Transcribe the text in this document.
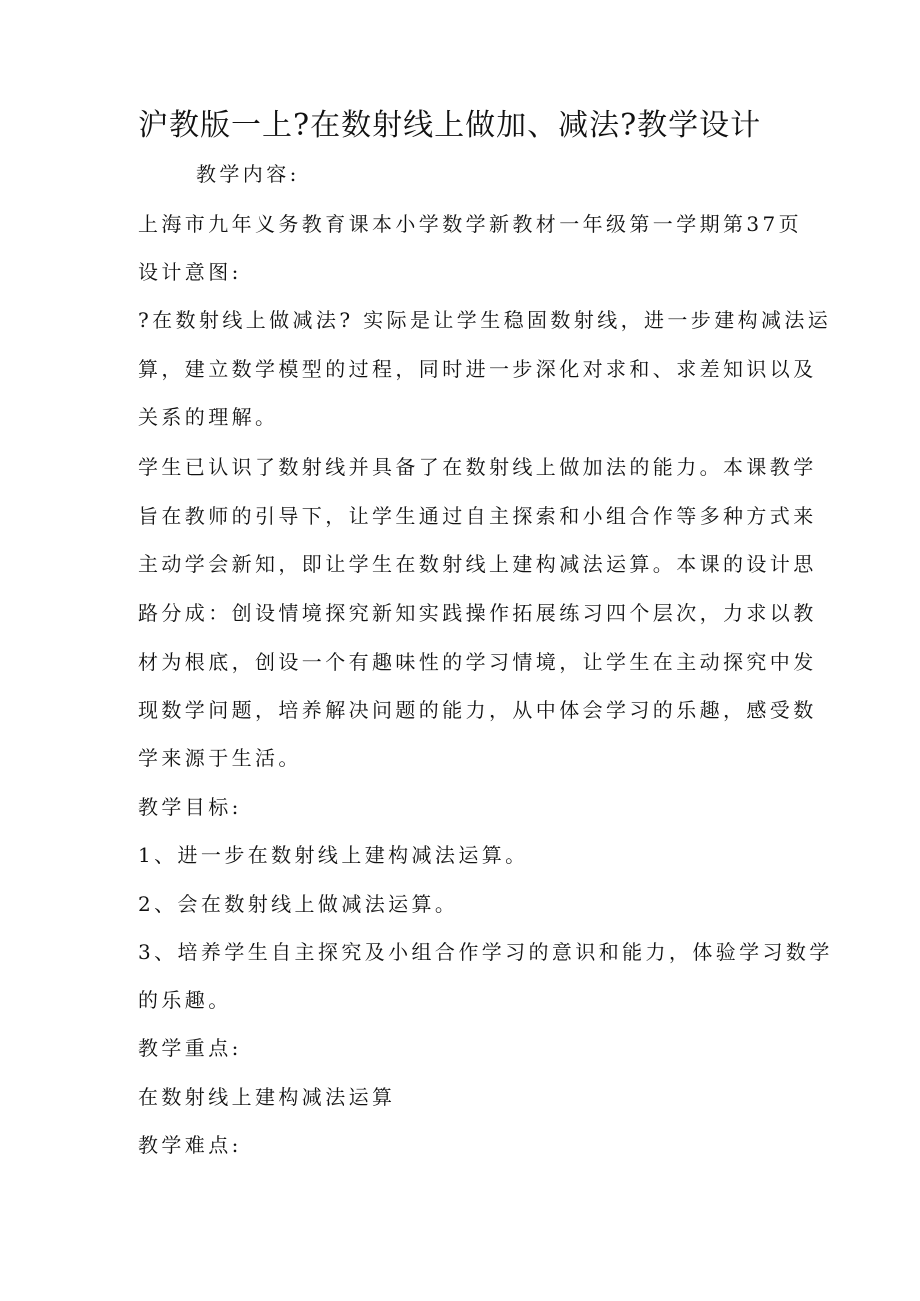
沪教版一上?在数射线上做加、减法?教学设计

教学内容:

上海市九年义务教育课本小学数学新教材一年级第一学期第37页

设计意图:

?在数射线上做减法? 实际是让学生稳固数射线，进一步建构减法运

算，建立数学模型的过程，同时进一步深化对求和、求差知识以及

关系的理解。

学生已认识了数射线并具备了在数射线上做加法的能力。本课教学

旨在教师的引导下，让学生通过自主探索和小组合作等多种方式来

主动学会新知，即让学生在数射线上建构减法运算。本课的设计思

路分成：创设情境探究新知实践操作拓展练习四个层次，力求以教

材为根底，创设一个有趣味性的学习情境，让学生在主动探究中发

现数学问题，培养解决问题的能力，从中体会学习的乐趣，感受数

学来源于生活。

教学目标:

1、进一步在数射线上建构减法运算。

2、会在数射线上做减法运算。

3、培养学生自主探究及小组合作学习的意识和能力，体验学习数学

的乐趣。

教学重点:

在数射线上建构减法运算

教学难点:
